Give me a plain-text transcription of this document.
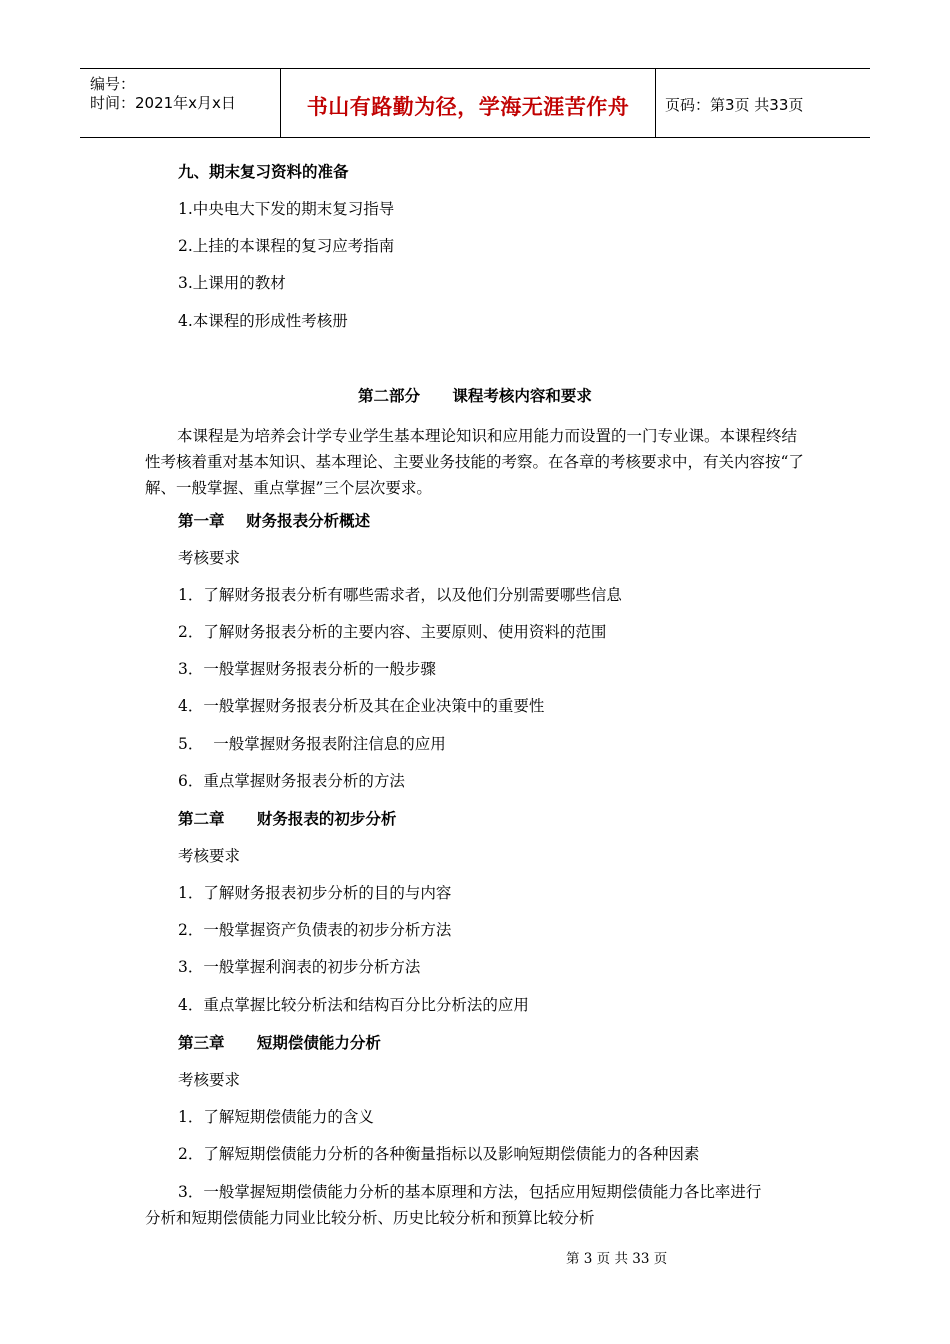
编号：
时间：2021年x月x日	书山有路勤为径，学海无涯苦作舟	页码：第3页 共33页
九、期末复习资料的准备
1.中央电大下发的期末复习指导
2.上挂的本课程的复习应考指南
3.上课用的教材
4.本课程的形成性考核册
第二部分      课程考核内容和要求
本课程是为培养会计学专业学生基本理论知识和应用能力而设置的一门专业课。本课程终结性考核着重对基本知识、基本理论、主要业务技能的考察。在各章的考核要求中，有关内容按“了解、一般掌握、重点掌握”三个层次要求。
第一章    财务报表分析概述
考核要求
1．了解财务报表分析有哪些需求者，以及他们分别需要哪些信息
2．了解财务报表分析的主要内容、主要原则、使用资料的范围
3．一般掌握财务报表分析的一般步骤
4．一般掌握财务报表分析及其在企业决策中的重要性
5．  一般掌握财务报表附注信息的应用
6．重点掌握财务报表分析的方法
第二章      财务报表的初步分析
考核要求
1．了解财务报表初步分析的目的与内容
2．一般掌握资产负债表的初步分析方法
3．一般掌握利润表的初步分析方法
4．重点掌握比较分析法和结构百分比分析法的应用
第三章      短期偿债能力分析
考核要求
1．了解短期偿债能力的含义
2．了解短期偿债能力分析的各种衡量指标以及影响短期偿债能力的各种因素
3．一般掌握短期偿债能力分析的基本原理和方法，包括应用短期偿债能力各比率进行
分析和短期偿债能力同业比较分析、历史比较分析和预算比较分析
第 3 页 共 33 页
